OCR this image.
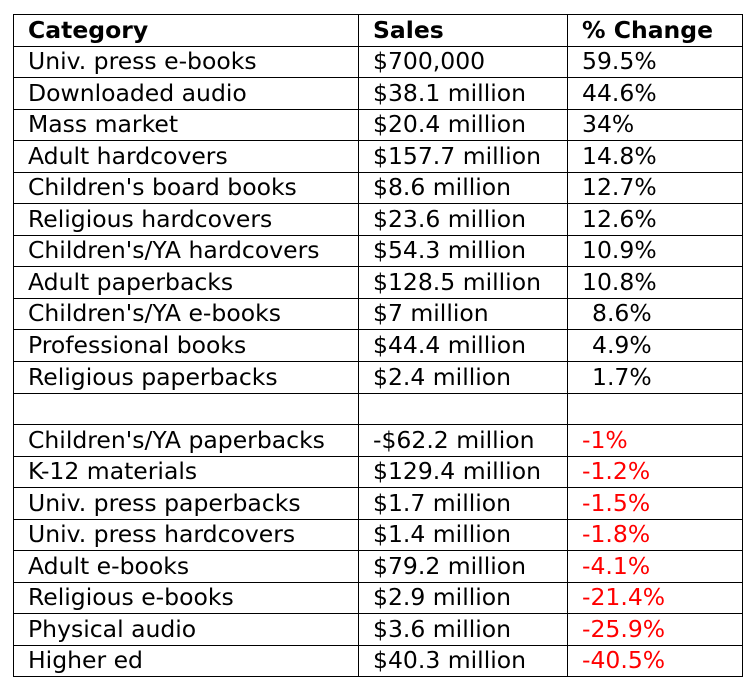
Category	Sales	% Change
Univ. press e-books	$700,000	59.5%
Downloaded audio	$38.1 million	44.6%
Mass market	$20.4 million	34%
Adult hardcovers	$157.7 million	14.8%
Children's board books	$8.6 million	12.7%
Religious hardcovers	$23.6 million	12.6%
Children's/YA hardcovers	$54.3 million	10.9%
Adult paperbacks	$128.5 million	10.8%
Children's/YA e-books	$7 million	8.6%
Professional books	$44.4 million	4.9%
Religious paperbacks	$2.4 million	1.7%

Children's/YA paperbacks	-$62.2 million	-1%
K-12 materials	$129.4 million	-1.2%
Univ. press paperbacks	$1.7 million	-1.5%
Univ. press hardcovers	$1.4 million	-1.8%
Adult e-books	$79.2 million	-4.1%
Religious e-books	$2.9 million	-21.4%
Physical audio	$3.6 million	-25.9%
Higher ed	$40.3 million	-40.5%
